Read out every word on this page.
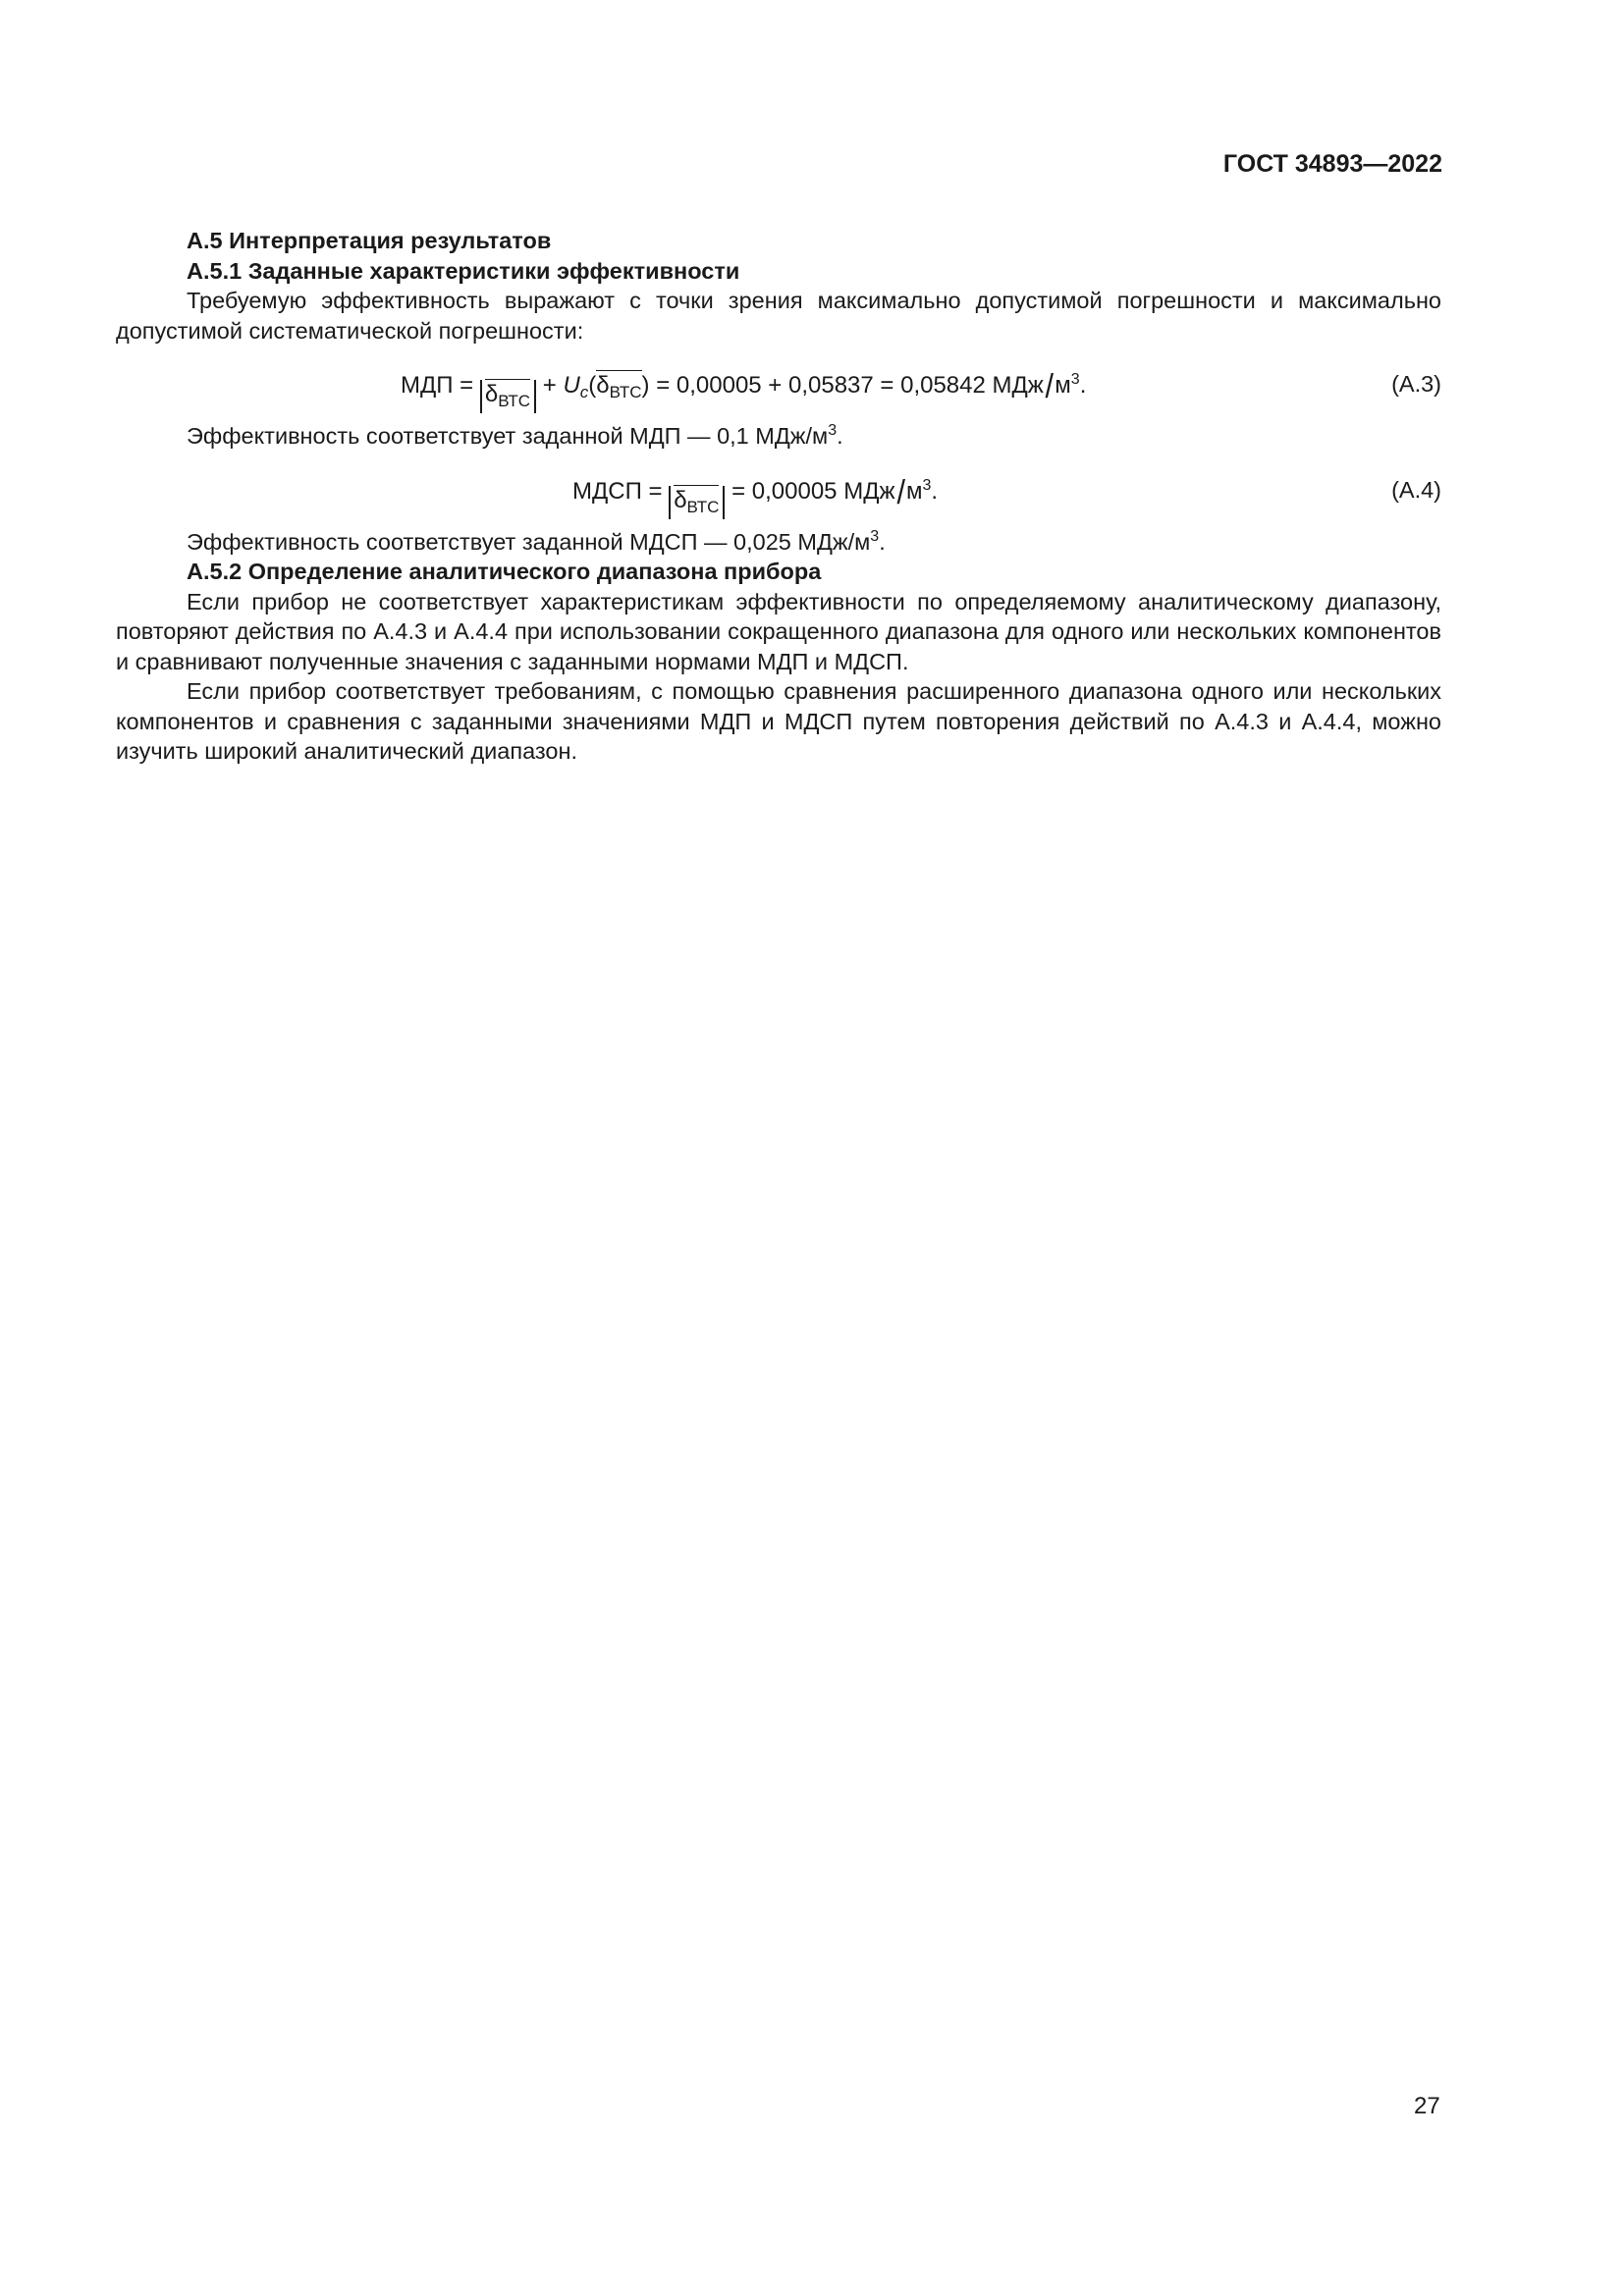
ГОСТ 34893—2022
А.5 Интерпретация результатов
А.5.1 Заданные характеристики эффективности

Требуемую эффективность выражают с точки зрения максимально допустимой погрешности и максимально допустимой систематической погрешности:

МДП = $\delta_{ВТС} + U_c(\delta_{ВТС}) = 0,00005 + 0,05837 = 0,05842$ МДж/$м^3$.	(А.3)

Эффективность соответствует заданной МДП — 0,1 МДж/$м^3$.

МДСП = $\delta_{ВТС} = 0,00005$ МДж/$м^3$.	(А.4)

Эффективность соответствует заданной МДСП — 0,025 МДж/$м^3$.

А.5.2 Определение аналитического диапазона прибора

Если прибор не соответствует характеристикам эффективности по определяемому аналитическому диапазону, повторяют действия по А.4.3 и А.4.4 при использовании сокращенного диапазона для одного или нескольких компонентов и сравнивают полученные значения с заданными нормами МДП и МДСП.

Если прибор соответствует требованиям, с помощью сравнения расширенного диапазона одного или нескольких компонентов и сравнения с заданными значениями МДП и МДСП путем повторения действий по А.4.3 и А.4.4, можно изучить широкий аналитический диапазон.

27
